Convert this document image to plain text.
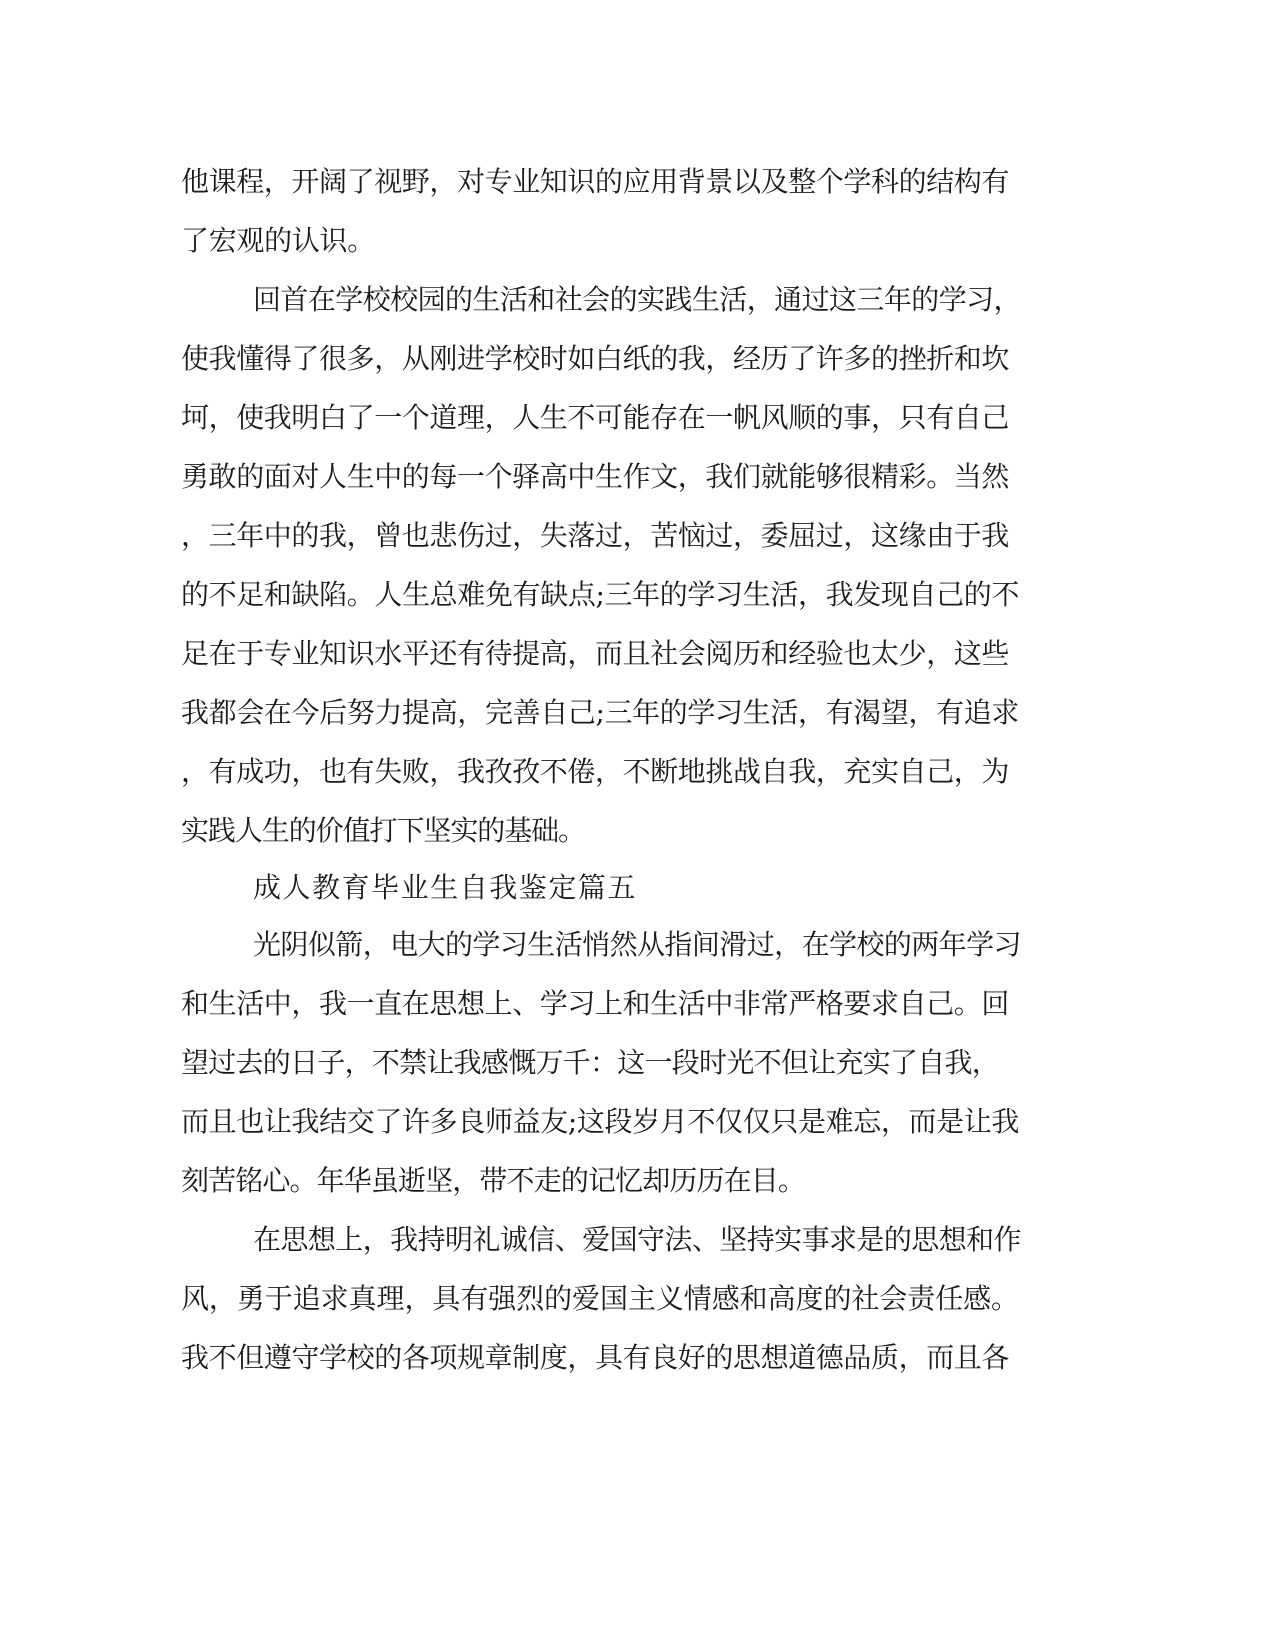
他课程，开阔了视野，对专业知识的应用背景以及整个学科的结构有

了宏观的认识。

回首在学校校园的生活和社会的实践生活，通过这三年的学习，

使我懂得了很多，从刚进学校时如白纸的我，经历了许多的挫折和坎

坷，使我明白了一个道理，人生不可能存在一帆风顺的事，只有自己

勇敢的面对人生中的每一个驿高中生作文，我们就能够很精彩。当然

，三年中的我，曾也悲伤过，失落过，苦恼过，委屈过，这缘由于我

的不足和缺陷。人生总难免有缺点;三年的学习生活，我发现自己的不

足在于专业知识水平还有待提高，而且社会阅历和经验也太少，这些

我都会在今后努力提高，完善自己;三年的学习生活，有渴望，有追求

，有成功，也有失败，我孜孜不倦，不断地挑战自我，充实自己，为

实践人生的价值打下坚实的基础。

成人教育毕业生自我鉴定篇五

光阴似箭，电大的学习生活悄然从指间滑过，在学校的两年学习

和生活中，我一直在思想上、学习上和生活中非常严格要求自己。回

望过去的日子，不禁让我感慨万千：这一段时光不但让充实了自我，

而且也让我结交了许多良师益友;这段岁月不仅仅只是难忘，而是让我

刻苦铭心。年华虽逝坚，带不走的记忆却历历在目。

在思想上，我持明礼诚信、爱国守法、坚持实事求是的思想和作

风，勇于追求真理，具有强烈的爱国主义情感和高度的社会责任感。

我不但遵守学校的各项规章制度，具有良好的思想道德品质，而且各
